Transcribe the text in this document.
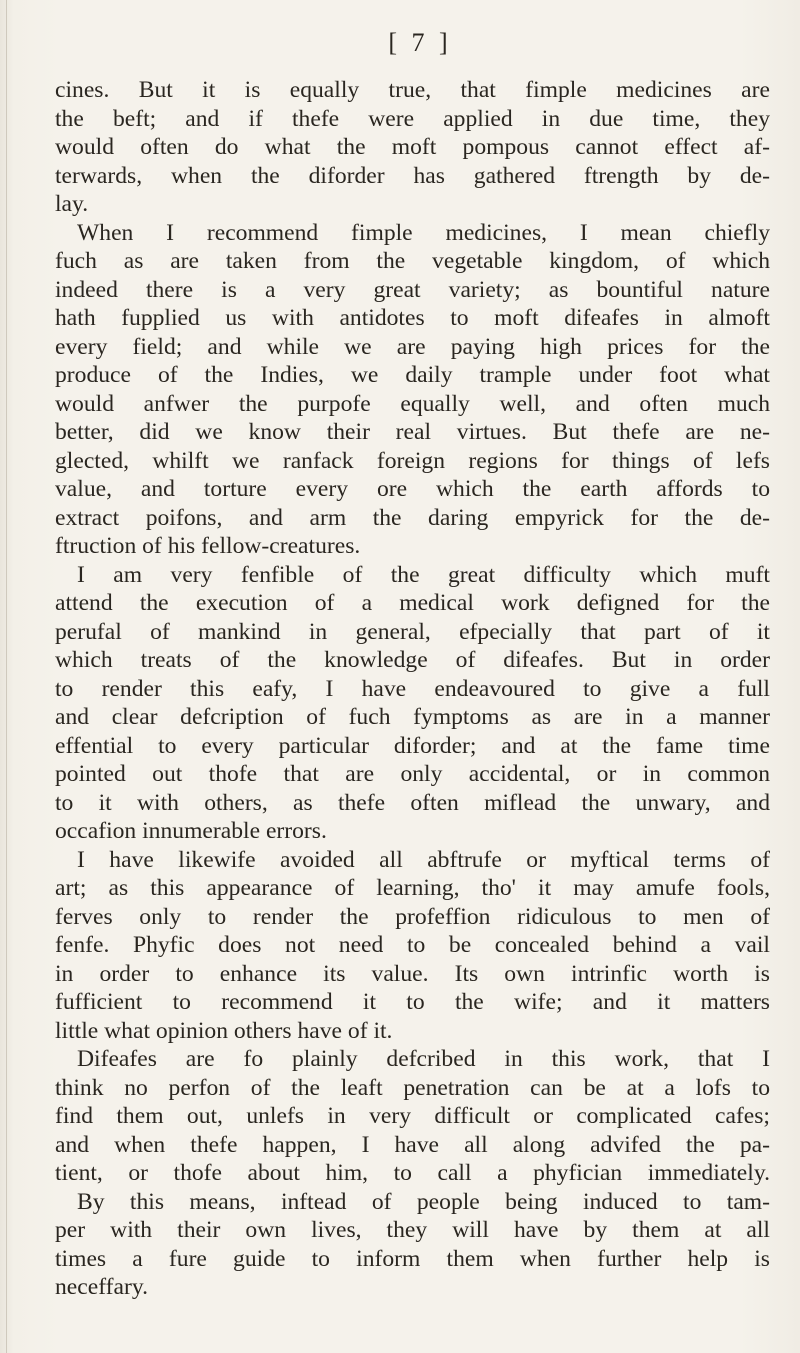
[ 7 ]

cines. But it is equally true, that fimple medicines are

the beft; and if thefe were applied in due time, they

would often do what the moft pompous cannot effect af-

terwards, when the diforder has gathered ftrength by de-

lay.

When I recommend fimple medicines, I mean chiefly

fuch as are taken from the vegetable kingdom, of which

indeed there is a very great variety; as bountiful nature

hath fupplied us with antidotes to moft difeafes in almoft

every field; and while we are paying high prices for the

produce of the Indies, we daily trample under foot what

would anfwer the purpofe equally well, and often much

better, did we know their real virtues. But thefe are ne-

glected, whilft we ranfack foreign regions for things of lefs

value, and torture every ore which the earth affords to

extract poifons, and arm the daring empyrick for the de-

ftruction of his fellow-creatures.

I am very fenfible of the great difficulty which muft

attend the execution of a medical work defigned for the

perufal of mankind in general, efpecially that part of it

which treats of the knowledge of difeafes. But in order

to render this eafy, I have endeavoured to give a full

and clear defcription of fuch fymptoms as are in a manner

effential to every particular diforder; and at the fame time

pointed out thofe that are only accidental, or in common

to it with others, as thefe often miflead the unwary, and

occafion innumerable errors.

I have likewife avoided all abftrufe or myftical terms of

art; as this appearance of learning, tho' it may amufe fools,

ferves only to render the profeffion ridiculous to men of

fenfe. Phyfic does not need to be concealed behind a vail

in order to enhance its value. Its own intrinfic worth is

fufficient to recommend it to the wife; and it matters

little what opinion others have of it.

Difeafes are fo plainly defcribed in this work, that I

think no perfon of the leaft penetration can be at a lofs to

find them out, unlefs in very difficult or complicated cafes;

and when thefe happen, I have all along advifed the pa-

tient, or thofe about him, to call a phyfician immediately.

By this means, inftead of people being induced to tam-

per with their own lives, they will have by them at all

times a fure guide to inform them when further help is

neceffary.
